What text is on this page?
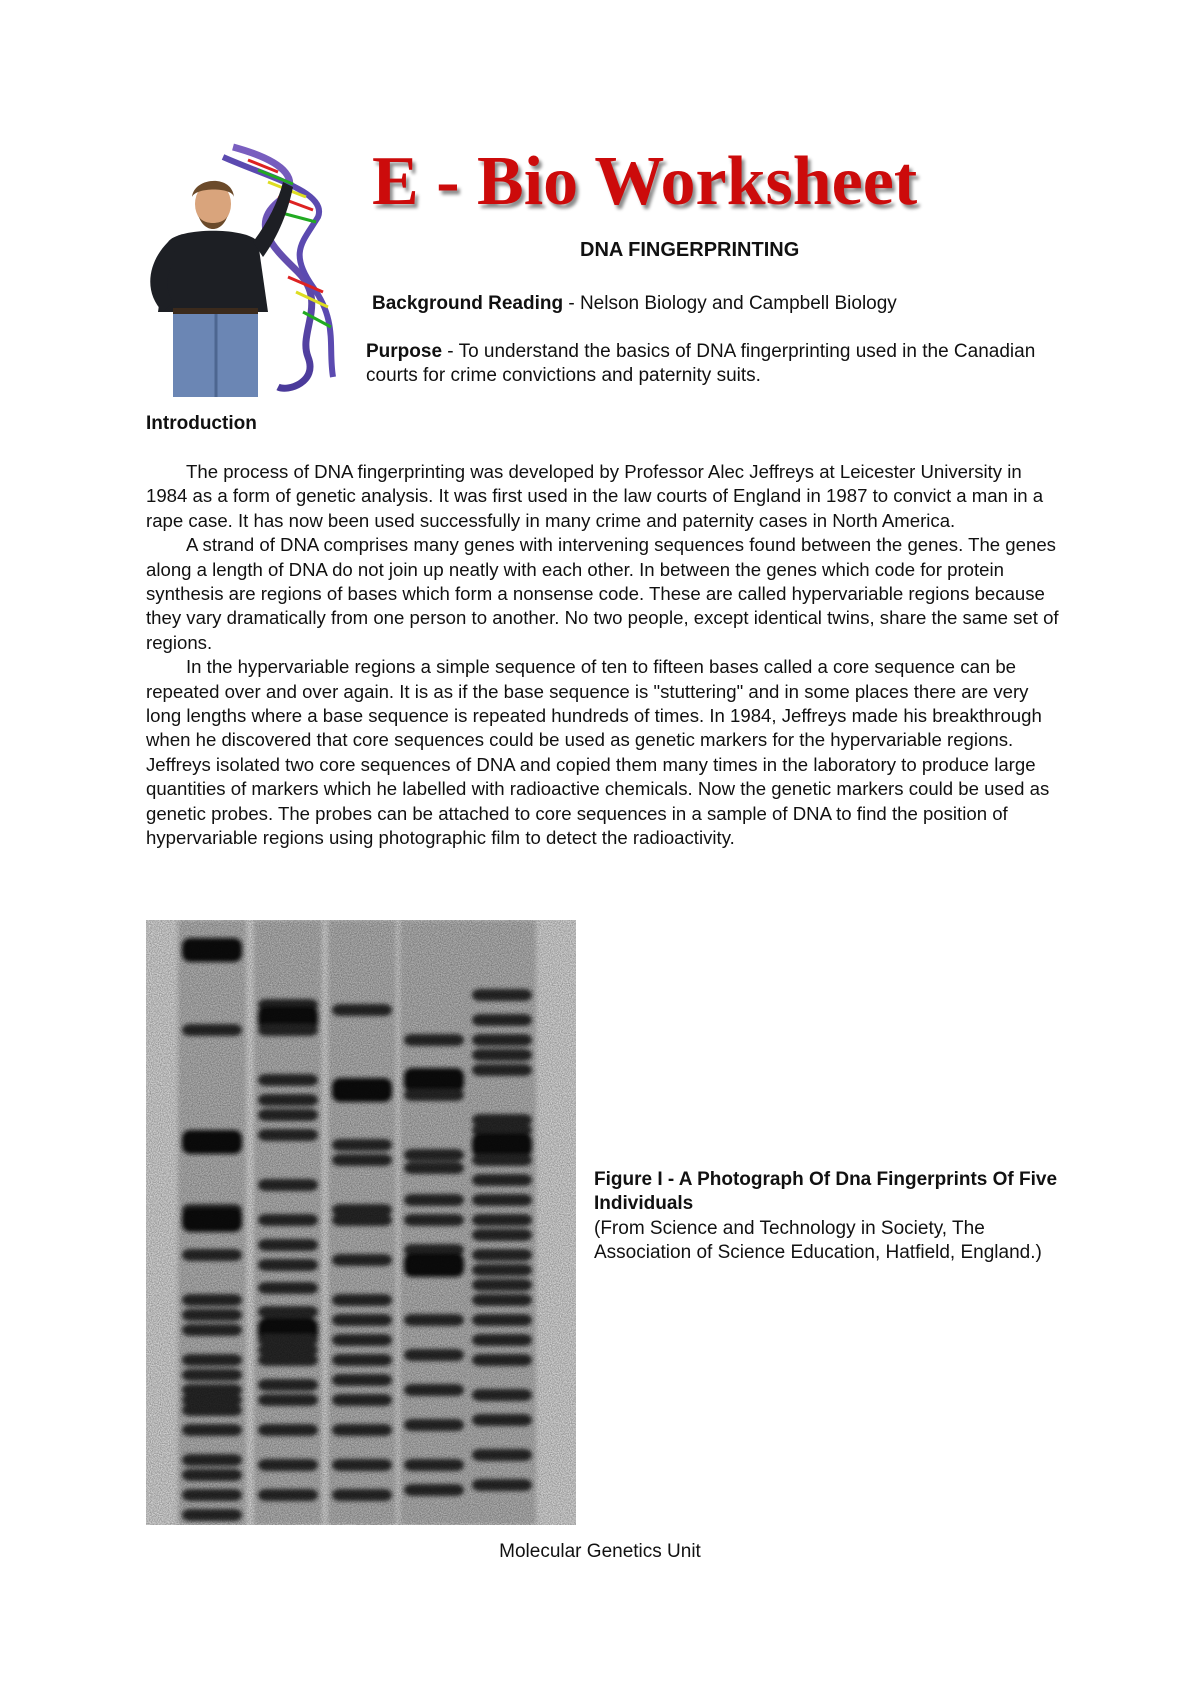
E - Bio Worksheet
DNA FINGERPRINTING
Background Reading - Nelson Biology and Campbell Biology
Purpose - To understand the basics of DNA fingerprinting used in the Canadian courts for crime convictions and paternity suits.
Introduction

The process of DNA fingerprinting was developed by Professor Alec Jeffreys at Leicester University in 1984 as a form of genetic analysis. It was first used in the law courts of England in 1987 to convict a man in a rape case. It has now been used successfully in many crime and paternity cases in North America.

A strand of DNA comprises many genes with intervening sequences found between the genes. The genes along a length of DNA do not join up neatly with each other. In between the genes which code for protein synthesis are regions of bases which form a nonsense code. These are called hypervariable regions because they vary dramatically from one person to another. No two people, except identical twins, share the same set of regions.

In the hypervariable regions a simple sequence of ten to fifteen bases called a core sequence can be repeated over and over again. It is as if the base sequence is "stuttering" and in some places there are very long lengths where a base sequence is repeated hundreds of times. In 1984, Jeffreys made his breakthrough when he discovered that core sequences could be used as genetic markers for the hypervariable regions. Jeffreys isolated two core sequences of DNA and copied them many times in the laboratory to produce large quantities of markers which he labelled with radioactive chemicals. Now the genetic markers could be used as genetic probes. The probes can be attached to core sequences in a sample of DNA to find the position of hypervariable regions using photographic film to detect the radioactivity.

Figure I - A Photograph Of Dna Fingerprints Of Five Individuals
(From Science and Technology in Society, The Association of Science Education, Hatfield, England.)
Molecular Genetics Unit
